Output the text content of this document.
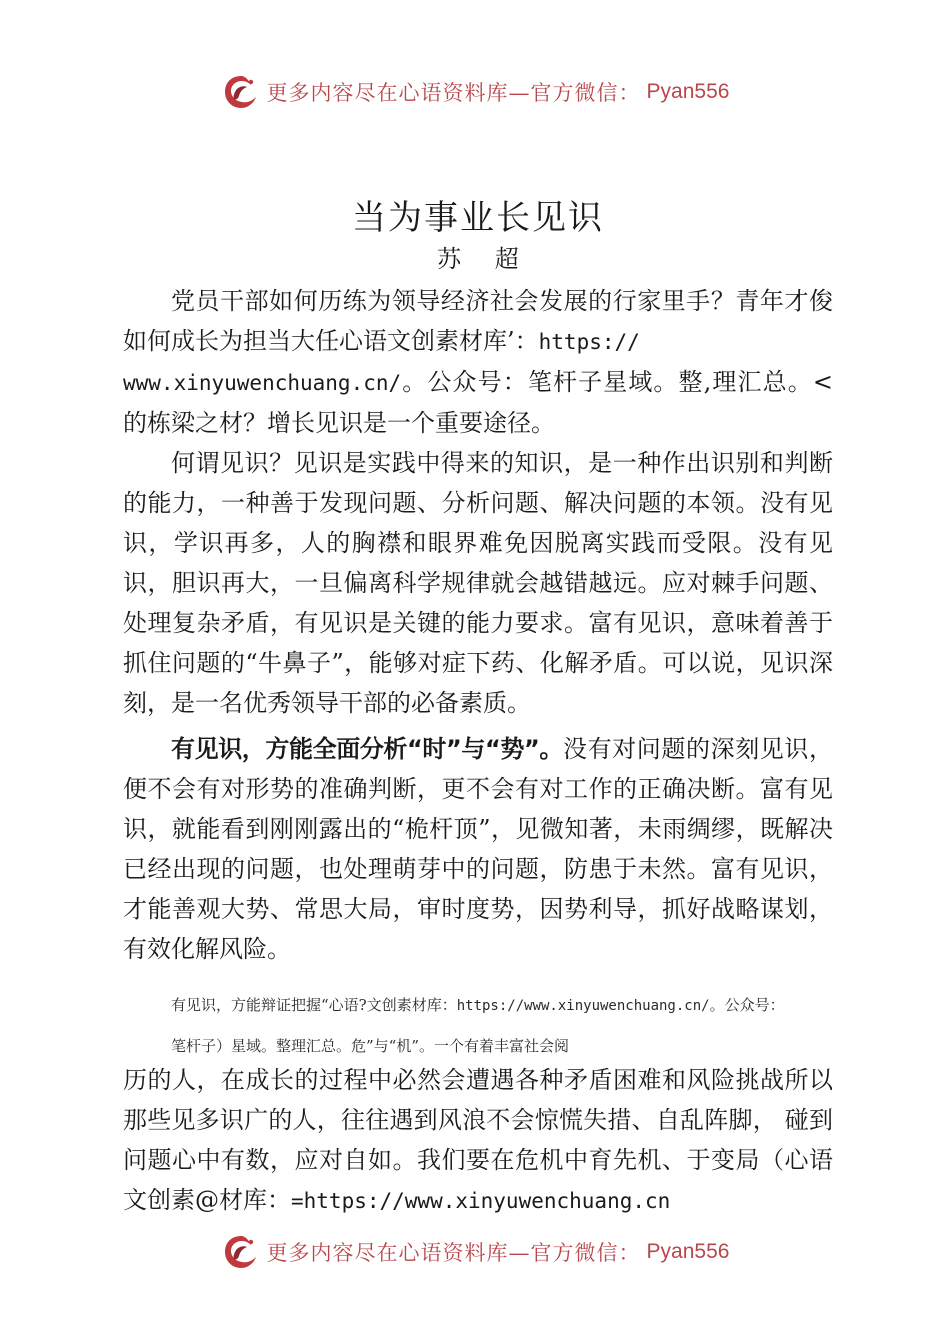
更多内容尽在心语资料库—官方微信： Pyan556
当为事业长见识

苏 超

党员干部如何历练为领导经济社会发展的行家里手？青年才俊如何成长为担当大任心语文创素材库’：https://
www.xinyuwenchuang.cn/。公众号：笔杆子星域。整,理汇总。<的栋梁之材？增长见识是一个重要途径。

何谓见识？见识是实践中得来的知识，是一种作出识别和判断的能力，一种善于发现问题、分析问题、解决问题的本领。没有见识，学识再多，人的胸襟和眼界难免因脱离实践而受限。没有见识，胆识再大，一旦偏离科学规律就会越错越远。应对棘手问题、处理复杂矛盾，有见识是关键的能力要求。富有见识，意味着善于抓住问题的“牛鼻子”，能够对症下药、化解矛盾。可以说，见识深刻，是一名优秀领导干部的必备素质。

有见识，方能全面分析“时”与“势”。没有对问题的深刻见识，便不会有对形势的准确判断，更不会有对工作的正确决断。富有见识，就能看到刚刚露出的“桅杆顶”，见微知著，未雨绸缪，既解决已经出现的问题，也处理萌芽中的问题，防患于未然。富有见识，才能善观大势、常思大局，审时度势，因势利导，抓好战略谋划，有效化解风险。

有见识，方能辩证把握“心语?文创素材库：https://www.xinyuwenchuang.cn/。公众号：

笔杆子）星域。整理汇总。危”与“机”。一个有着丰富社会阅

历的人，在成长的过程中必然会遭遇各种矛盾困难和风险挑战所以那些见多识广的人，往往遇到风浪不会惊慌失措、自乱阵脚， 碰到问题心中有数，应对自如。我们要在危机中育先机、于变局（心语文创素@材库：=https://www.xinyuwenchuang.cn

更多内容尽在心语资料库—官方微信： Pyan556
